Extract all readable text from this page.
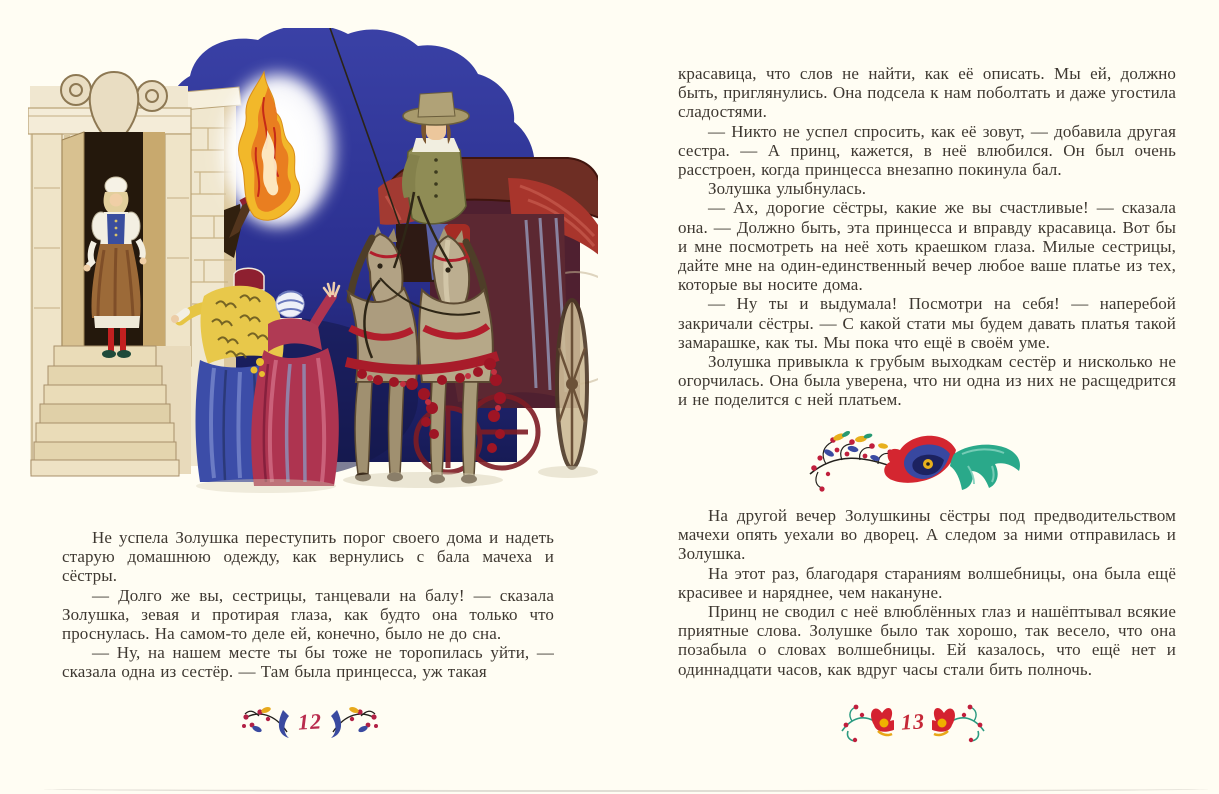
Не успела Золушка переступить порог своего дома и надеть старую домашнюю одежду, как вернулись с бала мачеха и сёстры.

— Долго же вы, сестрицы, танцевали на балу! — сказала Золушка, зевая и протирая глаза, как будто она только что проснулась. На самом-то деле ей, конечно, было не до сна.

— Ну, на нашем месте ты бы тоже не торопилась уйти, — сказала одна из сестёр. — Там была принцесса, уж такая

12

красавица, что слов не найти, как её описать. Мы ей, должно быть, приглянулись. Она подсела к нам поболтать и даже угостила сладостями.

— Никто не успел спросить, как её зовут, — добавила другая сестра. — А принц, кажется, в неё влюбился. Он был очень расстроен, когда принцесса внезапно покинула бал.

Золушка улыбнулась.

— Ах, дорогие сёстры, какие же вы счастливые! — сказала она. — Должно быть, эта принцесса и вправду красавица. Вот бы и мне посмотреть на неё хоть краешком глаза. Милые сестрицы, дайте мне на один-единственный вечер любое ваше платье из тех, которые вы носите дома.

— Ну ты и выдумала! Посмотри на себя! — наперебой закричали сёстры. — С какой стати мы будем давать платья такой замарашке, как ты. Мы пока что ещё в своём уме.

Золушка привыкла к грубым выходкам сестёр и нисколько не огорчилась. Она была уверена, что ни одна из них не расщедрится и не поделится с ней платьем.

На другой вечер Золушкины сёстры под предводительством мачехи опять уехали во дворец. А следом за ними отправилась и Золушка.

На этот раз, благодаря стараниям волшебницы, она была ещё красивее и наряднее, чем накануне.

Принц не сводил с неё влюблённых глаз и нашёптывал всякие приятные слова. Золушке было так хорошо, так весело, что она позабыла о словах волшебницы. Ей казалось, что ещё нет и одиннадцати часов, как вдруг часы стали бить полночь.

13
